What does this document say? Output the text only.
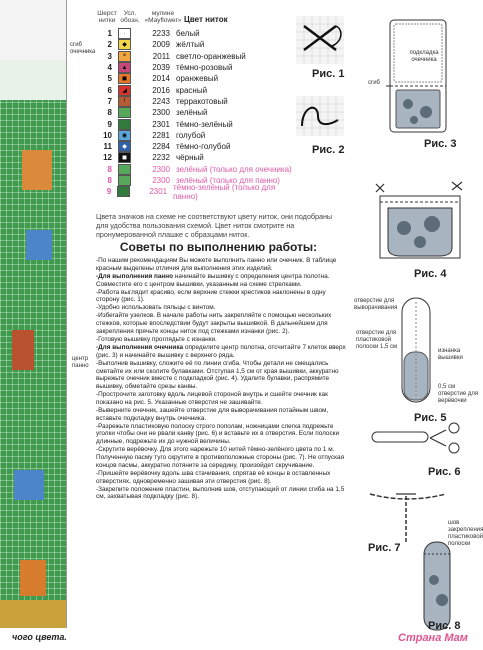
сгиб очечника
центр панно
чого цвета.
Шерст нитки
Усл. обозн.
мулине «Mayflower» Цвет ниток
1	·	2233 белый
2	◆	2009 жёлтый
3	×	2011 светло-оранжевый
4	▲	2039 тёмно-розовый
5	◼	2014 оранжевый
6	◢	2016 красный
7	/	2243 терракотовый
8	2300 зелёный
9	2301 тёмно-зелёный
10	◉	2281 голубой
11	◆	2284 тёмно-голубой
12	◼	2232 чёрный
8	2300 зелёный (только для очечника)
8	2300 зелёный (только для панно)
9	2301 тёмно-зелёный (только для панно)
Цвета значков на схеме не соответствуют цвету ниток, они подобраны для удобства пользования схемой. Цвет ниток смотрите на пронумерованной плашке с образцами ниток.
Советы по выполнению работы:

-По нашим рекомендациям Вы можете выполнить панно или очечник. В таблице красным выделены отличия для выполнения этих изделий.

-Для выполнения панно начинайте вышивку с определения центра полотна. Совместите его с центром вышивки, указанным на схеме стрелками.

-Работа выглядит красиво, если верхние стежки крестиков наклонены в одну сторону (рис. 1).

-Удобно использовать пяльцы с винтом.

-Избегайте узелков. В начале работы нить закрепляйте с помощью нескольких стежков, которые впоследствии будут закрыты вышивкой. В дальнейшем для закрепления прячьте концы ниток под стежками изнанки (рис. 2).

-Готовую вышивку проглядьте с изнанки.

-Для выполнения очечника определите центр полотна, отсчитайте 7 клеток вверх (рис. 3) и начинайте вышивку с верхнего ряда.

-Выполнив вышивку, сложите её по линии сгиба. Чтобы детали не смещались сметайте их или сколите булавками. Отступая 1,5 см от края вышивки, аккуратно вырежьте очечник вместе с подкладкой (рис. 4). Удалите булавки, распрямите вышивку, обметайте срезы канвы.

-Прострочите заготовку вдоль лицевой стороной внутрь и сшейте очечник как показано на рис. 5. Указанные отверстия не зашивайте.

-Выверните очечник, зашейте отверстие для выворачивания потайным швом, вставьте подкладку внутрь очечника.

-Разрежьте пластиковую полоску строго пополам, ножницами слегка подрежьте уголки чтобы они не рвали канву (рис. 6) и вставьте их в отверстия. Если полоски длинные, подрежьте их до нужной величины.

-Скрутите верёвочку. Для этого нарежьте 10 нитей тёмно-зелёного цвета по 1 м. Полученную пасму туго скрутите в противоположные стороны (рис. 7). Не отпуская концов пасмы, аккуратно потяните за середину, произойдет скручивание.

-Пришейте верёвочку вдоль шва стачивания, спрятав её концы в оставленных отверстиях, одновременно зашивая эти отверстия (рис. 8).

-Закрепите положение пластин, выполнив шов, отступающий от линии сгиба на 1,5 см, захватывая подкладку (рис. 8).

Рис. 1
Рис. 2
подкладка очечника
сгиб
Рис. 3
Рис. 4
отверстие для выворачивания
отверстие для пластиковой полоски 1,5 см
изнанка вышивки
0,5 см отверстие для верёвочки
Рис. 5
Рис. 6
Рис. 7
шов закрепления пластиковой полоски
Рис. 8
Страна Мам
